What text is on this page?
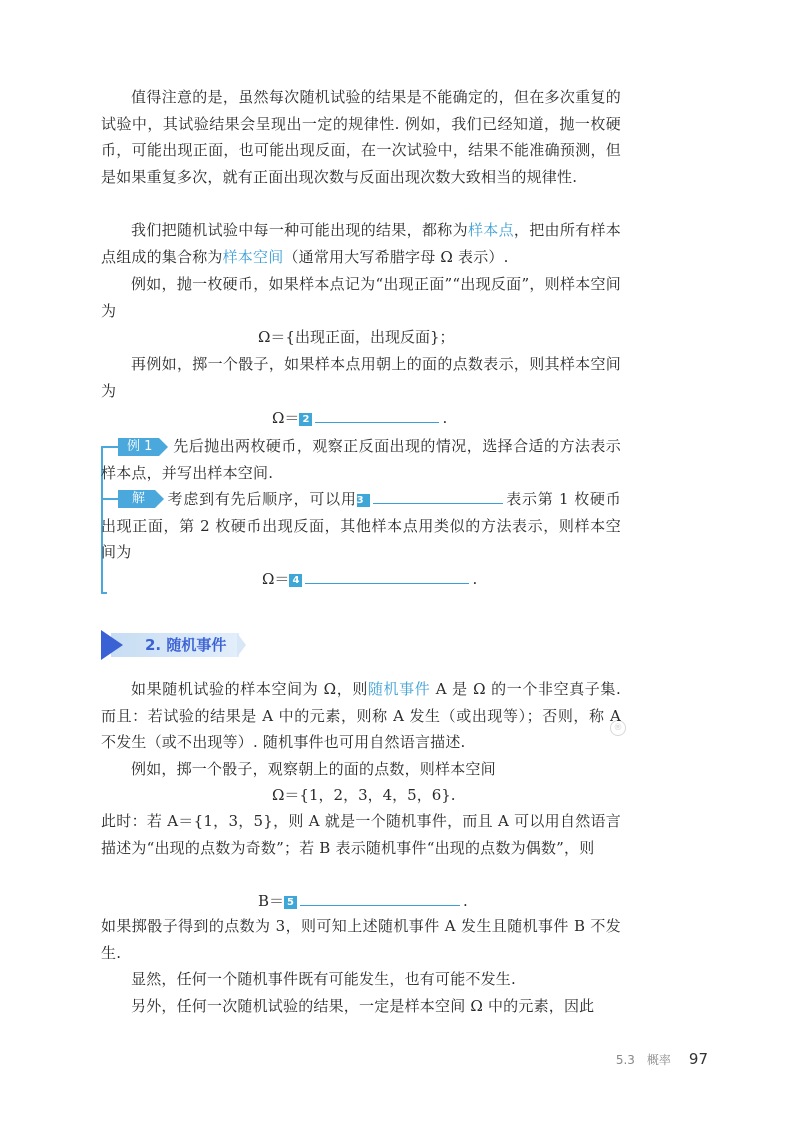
值得注意的是，虽然每次随机试验的结果是不能确定的，但在多次重复的试验中，其试验结果会呈现出一定的规律性. 例如，我们已经知道，抛一枚硬币，可能出现正面，也可能出现反面，在一次试验中，结果不能准确预测，但是如果重复多次，就有正面出现次数与反面出现次数大致相当的规律性.
我们把随机试验中每一种可能出现的结果，都称为样本点，把由所有样本点组成的集合称为样本空间（通常用大写希腊字母 Ω 表示）.
例如，抛一枚硬币，如果样本点记为“出现正面”“出现反面”，则样本空间为
Ω＝{出现正面，出现反面}；
再例如，掷一个骰子，如果样本点用朝上的面的点数表示，则其样本空间为
Ω＝ 2	.
例 1	先后抛出两枚硬币，观察正反面出现的情况，选择合适的方法表示样本点，并写出样本空间.
解	考虑到有先后顺序，可以用3	表示第 1 枚硬币出现正面，第 2 枚硬币出现反面，其他样本点用类似的方法表示，则样本空间为
Ω＝ 4	.
2. 随机事件
®
如果随机试验的样本空间为 Ω，则随机事件 A 是 Ω 的一个非空真子集. 而且：若试验的结果是 A 中的元素，则称 A 发生（或出现等）；否则，称 A 不发生（或不出现等）. 随机事件也可用自然语言描述.
例如，掷一个骰子，观察朝上的面的点数，则样本空间
Ω＝{1，2，3，4，5，6}.
此时：若 A＝{1，3，5}，则 A 就是一个随机事件，而且 A 可以用自然语言描述为“出现的点数为奇数”；若 B 表示随机事件“出现的点数为偶数”，则
B＝ 5	.
如果掷骰子得到的点数为 3，则可知上述随机事件 A 发生且随机事件 B 不发生.
显然，任何一个随机事件既有可能发生，也有可能不发生.
另外，任何一次随机试验的结果，一定是样本空间 Ω 中的元素，因此
5.3　概率 97
